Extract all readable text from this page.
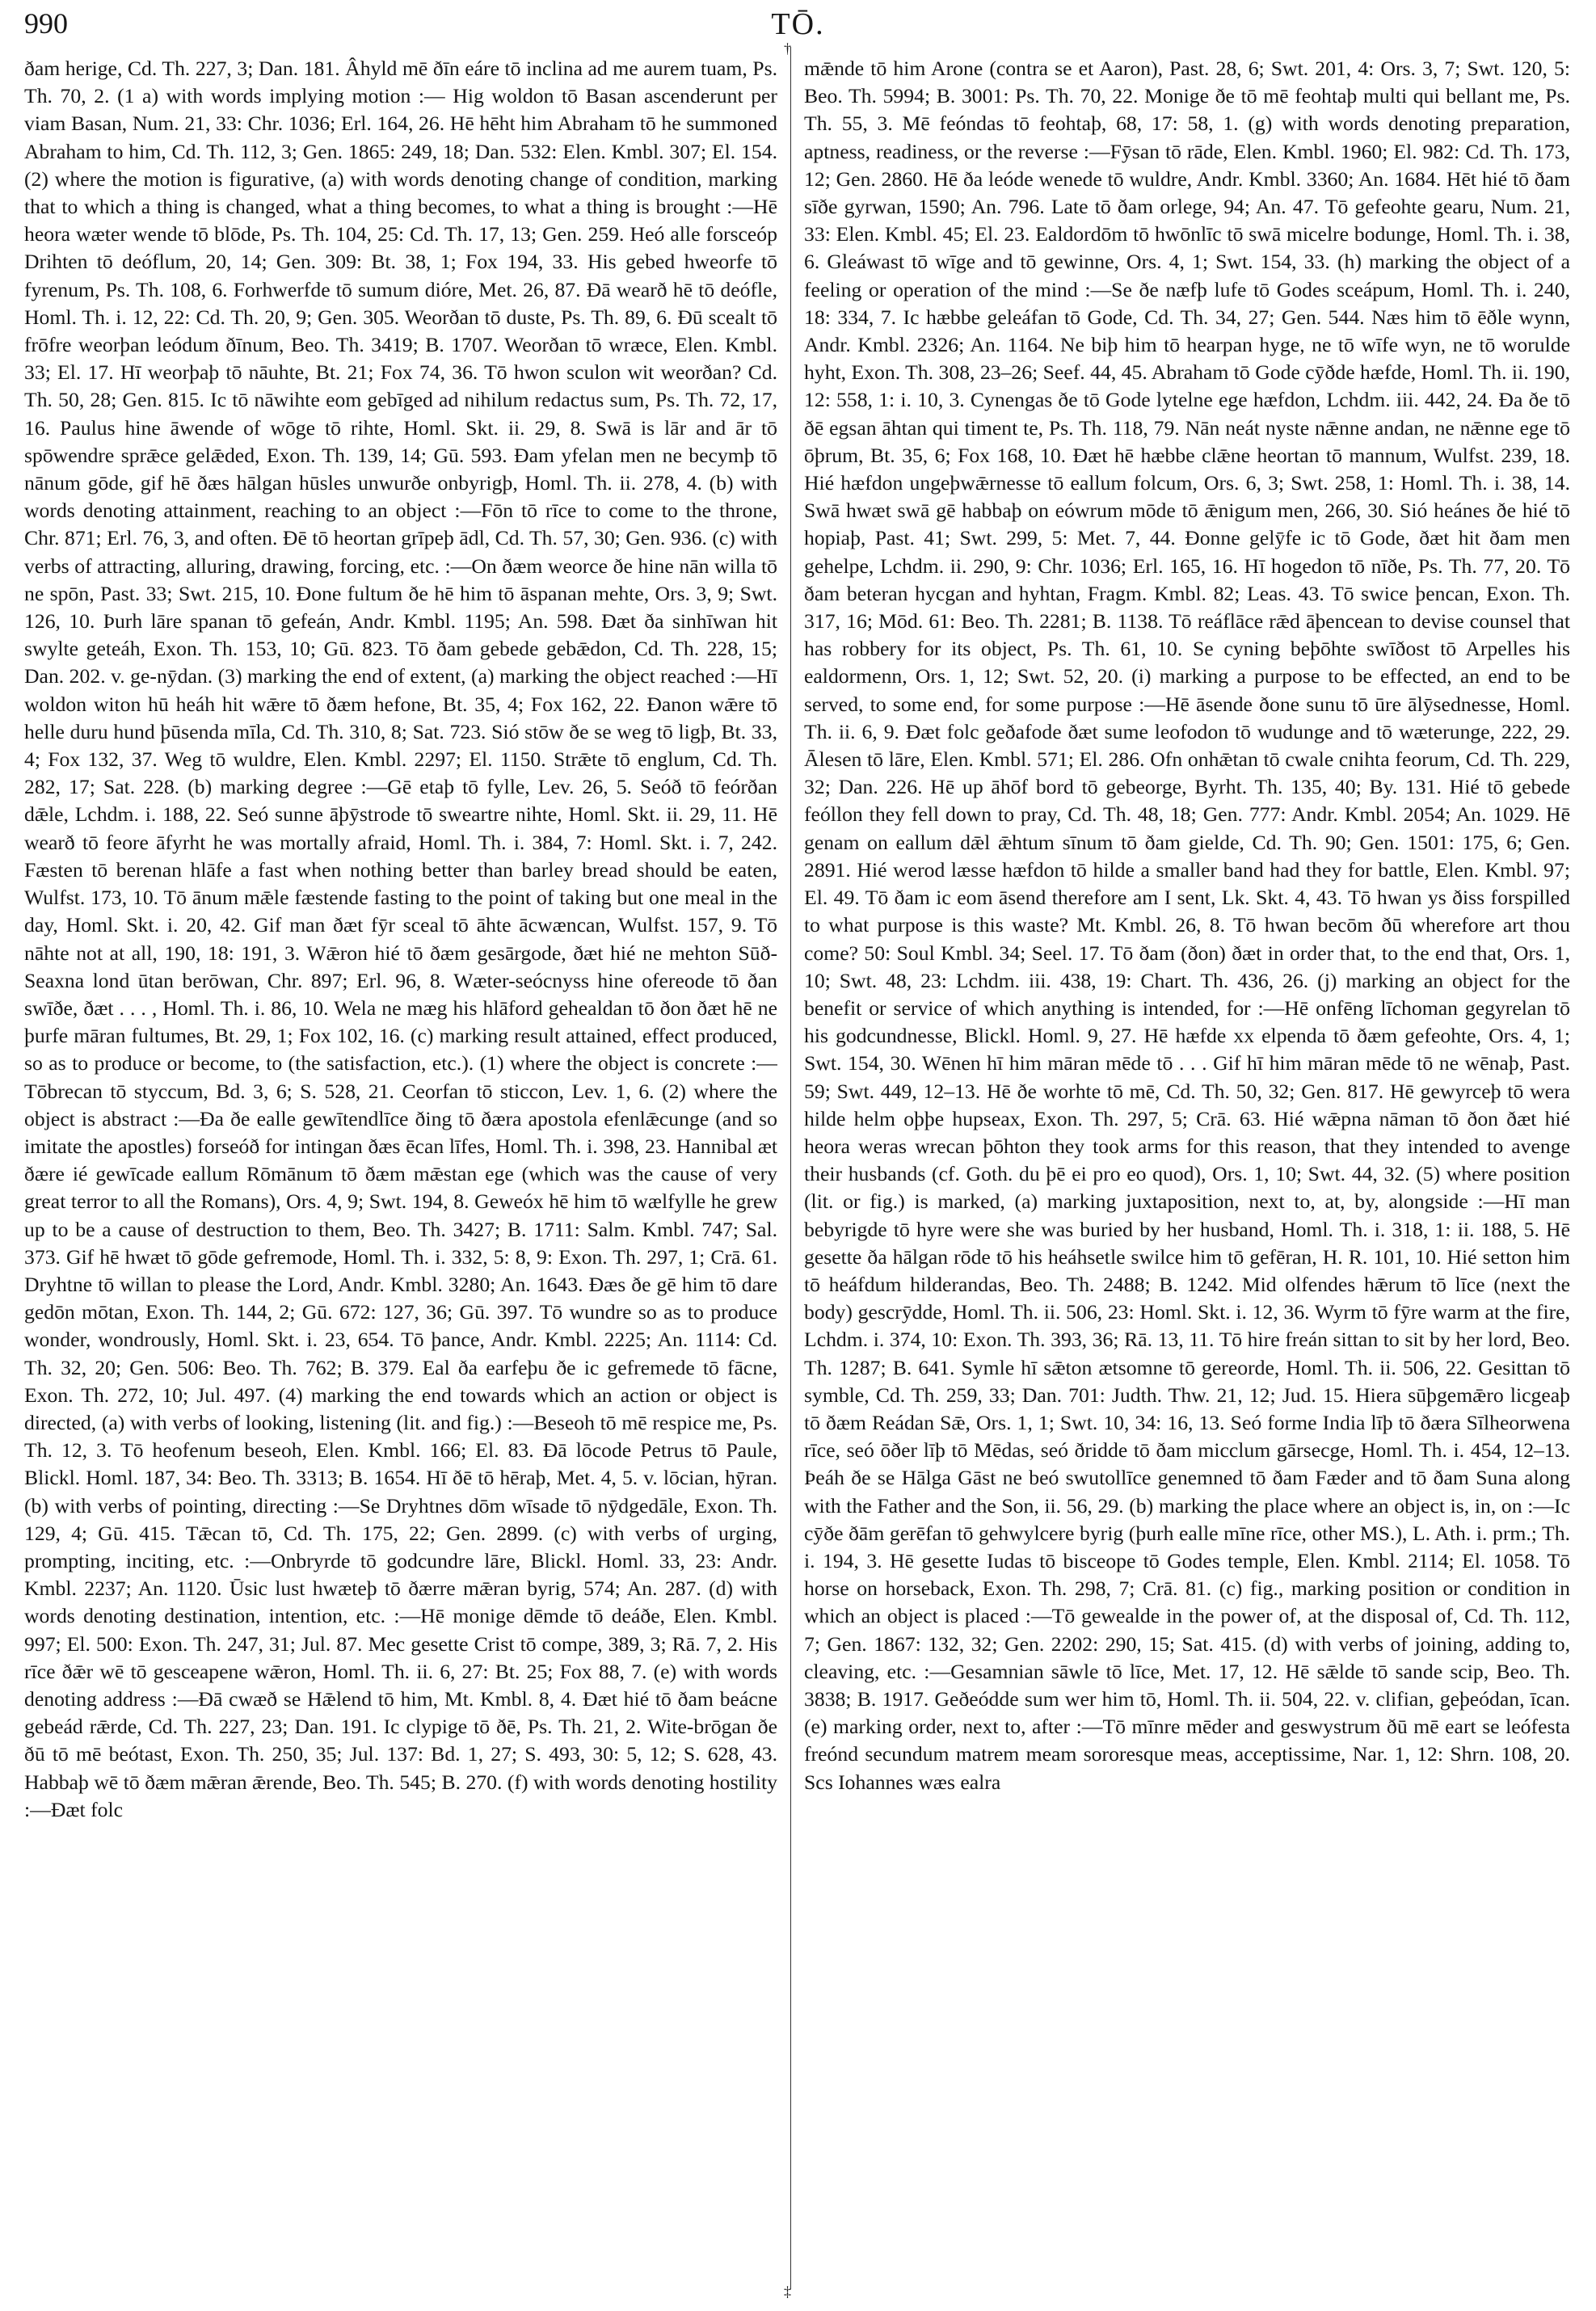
990	TŌ.
†
‡

ðam herige, Cd. Th. 227, 3; Dan. 181. Âhyld mē ðīn eáre tō inclina ad me aurem tuam, Ps. Th. 70, 2. (1 a) with words implying motion :— Hig woldon tō Basan ascenderunt per viam Basan, Num. 21, 33: Chr. 1036; Erl. 164, 26. Hē hēht him Abraham tō he summoned Abraham to him, Cd. Th. 112, 3; Gen. 1865: 249, 18; Dan. 532: Elen. Kmbl. 307; El. 154. (2) where the motion is figurative, (a) with words denoting change of condition, marking that to which a thing is changed, what a thing becomes, to what a thing is brought :—Hē heora wæter wende tō blōde, Ps. Th. 104, 25: Cd. Th. 17, 13; Gen. 259. Heó alle forsceóp Drihten tō deóflum, 20, 14; Gen. 309: Bt. 38, 1; Fox 194, 33. His gebed hweorfe tō fyrenum, Ps. Th. 108, 6. Forhwerfde tō sumum dióre, Met. 26, 87. Ðā wearð hē tō deófle, Homl. Th. i. 12, 22: Cd. Th. 20, 9; Gen. 305. Weorðan tō duste, Ps. Th. 89, 6. Ðū scealt tō frōfre weorþan leódum ðīnum, Beo. Th. 3419; B. 1707. Weorðan tō wræce, Elen. Kmbl. 33; El. 17. Hī weorþaþ tō nāuhte, Bt. 21; Fox 74, 36. Tō hwon sculon wit weorðan? Cd. Th. 50, 28; Gen. 815. Ic tō nāwihte eom gebīged ad nihilum redactus sum, Ps. Th. 72, 17, 16. Paulus hine āwende of wōge tō rihte, Homl. Skt. ii. 29, 8. Swā is lār and ār tō spōwendre sprǣce gelǣded, Exon. Th. 139, 14; Gū. 593. Ðam yfelan men ne becymþ tō nānum gōde, gif hē ðæs hālgan hūsles unwurðe onbyrigþ, Homl. Th. ii. 278, 4. (b) with words denoting attainment, reaching to an object :—Fōn tō rīce to come to the throne, Chr. 871; Erl. 76, 3, and often. Ðē tō heortan grīpeþ ādl, Cd. Th. 57, 30; Gen. 936. (c) with verbs of attracting, alluring, drawing, forcing, etc. :—On ðæm weorce ðe hine nān willa tō ne spōn, Past. 33; Swt. 215, 10. Ðone fultum ðe hē him tō āspanan mehte, Ors. 3, 9; Swt. 126, 10. Þurh lāre spanan tō gefeán, Andr. Kmbl. 1195; An. 598. Ðæt ða sinhīwan hit swylte geteáh, Exon. Th. 153, 10; Gū. 823. Tō ðam gebede gebǣdon, Cd. Th. 228, 15; Dan. 202. v. ge-nȳdan. (3) marking the end of extent, (a) marking the object reached :—Hī woldon witon hū heáh hit wǣre tō ðæm hefone, Bt. 35, 4; Fox 162, 22. Ðanon wǣre tō helle duru hund þūsenda mīla, Cd. Th. 310, 8; Sat. 723. Sió stōw ðe se weg tō ligþ, Bt. 33, 4; Fox 132, 37. Weg tō wuldre, Elen. Kmbl. 2297; El. 1150. Strǣte tō englum, Cd. Th. 282, 17; Sat. 228. (b) marking degree :—Gē etaþ tō fylle, Lev. 26, 5. Seóð tō feórðan dǣle, Lchdm. i. 188, 22. Seó sunne āþȳstrode tō sweartre nihte, Homl. Skt. ii. 29, 11. Hē wearð tō feore āfyrht he was mortally afraid, Homl. Th. i. 384, 7: Homl. Skt. i. 7, 242. Fæsten tō berenan hlāfe a fast when nothing better than barley bread should be eaten, Wulfst. 173, 10. Tō ānum mǣle fæstende fasting to the point of taking but one meal in the day, Homl. Skt. i. 20, 42. Gif man ðæt fȳr sceal tō āhte ācwæncan, Wulfst. 157, 9. Tō nāhte not at all, 190, 18: 191, 3. Wǣron hié tō ðæm gesārgode, ðæt hié ne mehton Sūð-Seaxna lond ūtan berōwan, Chr. 897; Erl. 96, 8. Wæter-seócnyss hine ofereode tō ðan swīðe, ðæt . . . , Homl. Th. i. 86, 10. Wela ne mæg his hlāford gehealdan tō ðon ðæt hē ne þurfe māran fultumes, Bt. 29, 1; Fox 102, 16. (c) marking result attained, effect produced, so as to produce or become, to (the satisfaction, etc.). (1) where the object is concrete :—Tōbrecan tō styccum, Bd. 3, 6; S. 528, 21. Ceorfan tō sticcon, Lev. 1, 6. (2) where the object is abstract :—Ða ðe ealle gewītendlīce ðing tō ðæra apostola efenlǣcunge (and so imitate the apostles) forseóð for intingan ðæs ēcan līfes, Homl. Th. i. 398, 23. Hannibal æt ðære ié gewīcade eallum Rōmānum tō ðæm mǣstan ege (which was the cause of very great terror to all the Romans), Ors. 4, 9; Swt. 194, 8. Geweóx hē him tō wælfylle he grew up to be a cause of destruction to them, Beo. Th. 3427; B. 1711: Salm. Kmbl. 747; Sal. 373. Gif hē hwæt tō gōde gefremode, Homl. Th. i. 332, 5: 8, 9: Exon. Th. 297, 1; Crā. 61. Dryhtne tō willan to please the Lord, Andr. Kmbl. 3280; An. 1643. Ðæs ðe gē him tō dare gedōn mōtan, Exon. Th. 144, 2; Gū. 672: 127, 36; Gū. 397. Tō wundre so as to produce wonder, wondrously, Homl. Skt. i. 23, 654. Tō þance, Andr. Kmbl. 2225; An. 1114: Cd. Th. 32, 20; Gen. 506: Beo. Th. 762; B. 379. Eal ða earfeþu ðe ic gefremede tō fācne, Exon. Th. 272, 10; Jul. 497. (4) marking the end towards which an action or object is directed, (a) with verbs of looking, listening (lit. and fig.) :—Beseoh tō mē respice me, Ps. Th. 12, 3. Tō heofenum beseoh, Elen. Kmbl. 166; El. 83. Ðā lōcode Petrus tō Paule, Blickl. Homl. 187, 34: Beo. Th. 3313; B. 1654. Hī ðē tō hēraþ, Met. 4, 5. v. lōcian, hȳran. (b) with verbs of pointing, directing :—Se Dryhtnes dōm wīsade tō nȳdgedāle, Exon. Th. 129, 4; Gū. 415. Tǣcan tō, Cd. Th. 175, 22; Gen. 2899. (c) with verbs of urging, prompting, inciting, etc. :—Onbryrde tō godcundre lāre, Blickl. Homl. 33, 23: Andr. Kmbl. 2237; An. 1120. Ūsic lust hwæteþ tō ðærre mǣran byrig, 574; An. 287. (d) with words denoting destination, intention, etc. :—Hē monige dēmde tō deáðe, Elen. Kmbl. 997; El. 500: Exon. Th. 247, 31; Jul. 87. Mec gesette Crist tō compe, 389, 3; Rā. 7, 2. His rīce ðǣr wē tō gesceapene wǣron, Homl. Th. ii. 6, 27: Bt. 25; Fox 88, 7. (e) with words denoting address :—Ðā cwæð se Hǣlend tō him, Mt. Kmbl. 8, 4. Ðæt hié tō ðam beácne gebeád rǣrde, Cd. Th. 227, 23; Dan. 191. Ic clypige tō ðē, Ps. Th. 21, 2. Wite-brōgan ðe ðū tō mē beótast, Exon. Th. 250, 35; Jul. 137: Bd. 1, 27; S. 493, 30: 5, 12; S. 628, 43. Habbaþ wē tō ðæm mǣran ǣrende, Beo. Th. 545; B. 270. (f) with words denoting hostility :—Ðæt folc

mǣnde tō him Arone (contra se et Aaron), Past. 28, 6; Swt. 201, 4: Ors. 3, 7; Swt. 120, 5: Beo. Th. 5994; B. 3001: Ps. Th. 70, 22. Monige ðe tō mē feohtaþ multi qui bellant me, Ps. Th. 55, 3. Mē feóndas tō feohtaþ, 68, 17: 58, 1. (g) with words denoting preparation, aptness, readiness, or the reverse :—Fȳsan tō rāde, Elen. Kmbl. 1960; El. 982: Cd. Th. 173, 12; Gen. 2860. Hē ða leóde wenede tō wuldre, Andr. Kmbl. 3360; An. 1684. Hēt hié tō ðam sīðe gyrwan, 1590; An. 796. Late tō ðam orlege, 94; An. 47. Tō gefeohte gearu, Num. 21, 33: Elen. Kmbl. 45; El. 23. Ealdordōm tō hwōnlīc tō swā micelre bodunge, Homl. Th. i. 38, 6. Gleáwast tō wīge and tō gewinne, Ors. 4, 1; Swt. 154, 33. (h) marking the object of a feeling or operation of the mind :—Se ðe næfþ lufe tō Godes sceápum, Homl. Th. i. 240, 18: 334, 7. Ic hæbbe geleáfan tō Gode, Cd. Th. 34, 27; Gen. 544. Næs him tō ēðle wynn, Andr. Kmbl. 2326; An. 1164. Ne biþ him tō hearpan hyge, ne tō wīfe wyn, ne tō worulde hyht, Exon. Th. 308, 23–26; Seef. 44, 45. Abraham tō Gode cȳðde hæfde, Homl. Th. ii. 190, 12: 558, 1: i. 10, 3. Cynengas ðe tō Gode lytelne ege hæfdon, Lchdm. iii. 442, 24. Ða ðe tō ðē egsan āhtan qui timent te, Ps. Th. 118, 79. Nān neát nyste nǣnne andan, ne nǣnne ege tō ōþrum, Bt. 35, 6; Fox 168, 10. Ðæt hē hæbbe clǣne heortan tō mannum, Wulfst. 239, 18. Hié hæfdon ungeþwǣrnesse tō eallum folcum, Ors. 6, 3; Swt. 258, 1: Homl. Th. i. 38, 14. Swā hwæt swā gē habbaþ on eówrum mōde tō ǣnigum men, 266, 30. Sió heánes ðe hié tō hopiaþ, Past. 41; Swt. 299, 5: Met. 7, 44. Ðonne gelȳfe ic tō Gode, ðæt hit ðam men gehelpe, Lchdm. ii. 290, 9: Chr. 1036; Erl. 165, 16. Hī hogedon tō nīðe, Ps. Th. 77, 20. Tō ðam beteran hycgan and hyhtan, Fragm. Kmbl. 82; Leas. 43. Tō swice þencan, Exon. Th. 317, 16; Mōd. 61: Beo. Th. 2281; B. 1138. Tō reáflāce rǣd āþencean to devise counsel that has robbery for its object, Ps. Th. 61, 10. Se cyning beþōhte swīðost tō Arpelles his ealdormenn, Ors. 1, 12; Swt. 52, 20. (i) marking a purpose to be effected, an end to be served, to some end, for some purpose :—Hē āsende ðone sunu tō ūre ālȳsednesse, Homl. Th. ii. 6, 9. Ðæt folc geðafode ðæt sume leofodon tō wudunge and tō wæterunge, 222, 29. Ālesen tō lāre, Elen. Kmbl. 571; El. 286. Ofn onhǣtan tō cwale cnihta feorum, Cd. Th. 229, 32; Dan. 226. Hē up āhōf bord tō gebeorge, Byrht. Th. 135, 40; By. 131. Hié tō gebede feóllon they fell down to pray, Cd. Th. 48, 18; Gen. 777: Andr. Kmbl. 2054; An. 1029. Hē genam on eallum dǣl ǣhtum sīnum tō ðam gielde, Cd. Th. 90; Gen. 1501: 175, 6; Gen. 2891. Hié werod læsse hæfdon tō hilde a smaller band had they for battle, Elen. Kmbl. 97; El. 49. Tō ðam ic eom āsend therefore am I sent, Lk. Skt. 4, 43. Tō hwan ys ðiss forspilled to what purpose is this waste? Mt. Kmbl. 26, 8. Tō hwan becōm ðū wherefore art thou come? 50: Soul Kmbl. 34; Seel. 17. Tō ðam (ðon) ðæt in order that, to the end that, Ors. 1, 10; Swt. 48, 23: Lchdm. iii. 438, 19: Chart. Th. 436, 26. (j) marking an object for the benefit or service of which anything is intended, for :—Hē onfēng līchoman gegyrelan tō his godcundnesse, Blickl. Homl. 9, 27. Hē hæfde xx elpenda tō ðæm gefeohte, Ors. 4, 1; Swt. 154, 30. Wēnen hī him māran mēde tō . . . Gif hī him māran mēde tō ne wēnaþ, Past. 59; Swt. 449, 12–13. Hē ðe worhte tō mē, Cd. Th. 50, 32; Gen. 817. Hē gewyrceþ tō wera hilde helm oþþe hupseax, Exon. Th. 297, 5; Crā. 63. Hié wǣpna nāman tō ðon ðæt hié heora weras wrecan þōhton they took arms for this reason, that they intended to avenge their husbands (cf. Goth. du þē ei pro eo quod), Ors. 1, 10; Swt. 44, 32. (5) where position (lit. or fig.) is marked, (a) marking juxtaposition, next to, at, by, alongside :—Hī man bebyrigde tō hyre were she was buried by her husband, Homl. Th. i. 318, 1: ii. 188, 5. Hē gesette ða hālgan rōde tō his heáhsetle swilce him tō gefēran, H. R. 101, 10. Hié setton him tō heáfdum hilderandas, Beo. Th. 2488; B. 1242. Mid olfendes hǣrum tō līce (next the body) gescrȳdde, Homl. Th. ii. 506, 23: Homl. Skt. i. 12, 36. Wyrm tō fȳre warm at the fire, Lchdm. i. 374, 10: Exon. Th. 393, 36; Rā. 13, 11. Tō hire freán sittan to sit by her lord, Beo. Th. 1287; B. 641. Symle hī sǣton ætsomne tō gereorde, Homl. Th. ii. 506, 22. Gesittan tō symble, Cd. Th. 259, 33; Dan. 701: Judth. Thw. 21, 12; Jud. 15. Hiera sūþgemǣro licgeaþ tō ðæm Reádan Sǣ, Ors. 1, 1; Swt. 10, 34: 16, 13. Seó forme India līþ tō ðæra Sīlheorwena rīce, seó ōðer līþ tō Mēdas, seó ðridde tō ðam micclum gārsecge, Homl. Th. i. 454, 12–13. Þeáh ðe se Hālga Gāst ne beó swutollīce genemned tō ðam Fæder and tō ðam Suna along with the Father and the Son, ii. 56, 29. (b) marking the place where an object is, in, on :—Ic cȳðe ðām gerēfan tō gehwylcere byrig (þurh ealle mīne rīce, other MS.), L. Ath. i. prm.; Th. i. 194, 3. Hē gesette Iudas tō bisceope tō Godes temple, Elen. Kmbl. 2114; El. 1058. Tō horse on horseback, Exon. Th. 298, 7; Crā. 81. (c) fig., marking position or condition in which an object is placed :—Tō gewealde in the power of, at the disposal of, Cd. Th. 112, 7; Gen. 1867: 132, 32; Gen. 2202: 290, 15; Sat. 415. (d) with verbs of joining, adding to, cleaving, etc. :—Gesamnian sāwle tō līce, Met. 17, 12. Hē sǣlde tō sande scip, Beo. Th. 3838; B. 1917. Geðeódde sum wer him tō, Homl. Th. ii. 504, 22. v. clifian, geþeódan, īcan. (e) marking order, next to, after :—Tō mīnre mēder and geswystrum ðū mē eart se leófesta freónd secundum matrem meam sororesque meas, acceptissime, Nar. 1, 12: Shrn. 108, 20. Scs Iohannes wæs ealra
